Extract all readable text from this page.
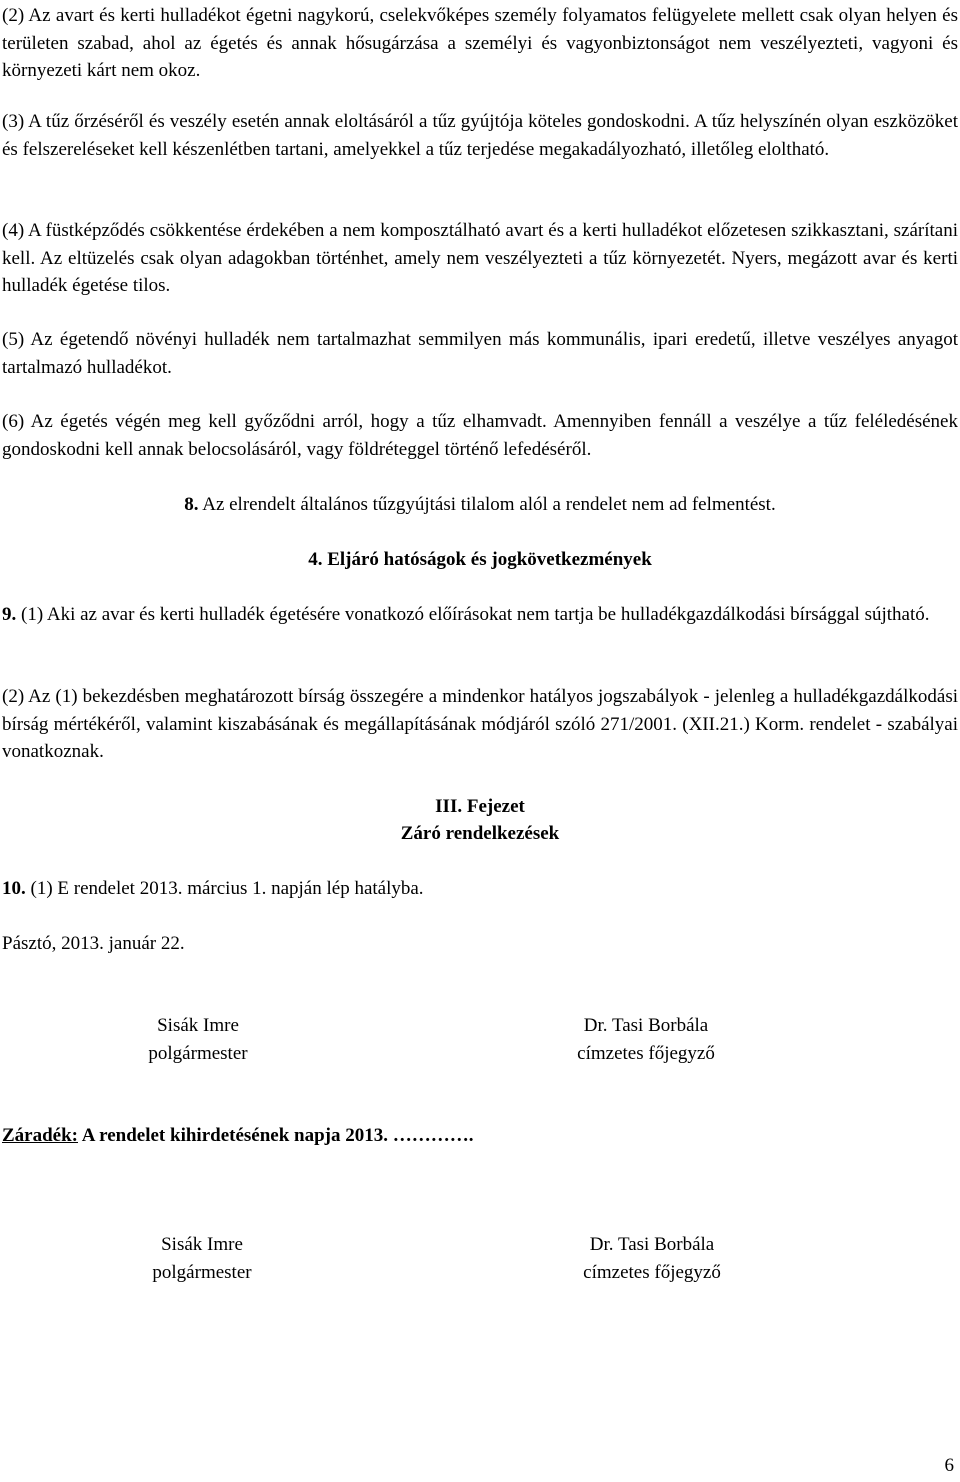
(2) Az avart és kerti hulladékot égetni nagykorú, cselekvőképes személy folyamatos felügyelete mellett csak olyan helyen és területen szabad, ahol az égetés és annak hősugárzása a személyi és vagyonbiztonságot nem veszélyezteti, vagyoni és környezeti kárt nem okoz.

(3) A tűz őrzéséről és veszély esetén annak eloltásáról a tűz gyújtója köteles gondoskodni. A tűz helyszínén olyan eszközöket és felszereléseket kell készenlétben tartani, amelyekkel a tűz terjedése megakadályozható, illetőleg eloltható.

(4) A füstképződés csökkentése érdekében a nem komposztálható avart és a kerti hulladékot előzetesen szikkasztani, szárítani kell. Az eltüzelés csak olyan adagokban történhet, amely nem veszélyezteti a tűz környezetét. Nyers, megázott avar és kerti hulladék égetése tilos.

(5) Az égetendő növényi hulladék nem tartalmazhat semmilyen más kommunális, ipari eredetű, illetve veszélyes anyagot tartalmazó hulladékot.

(6) Az égetés végén meg kell győződni arról, hogy a tűz elhamvadt. Amennyiben fennáll a veszélye a tűz feléledésének gondoskodni kell annak belocsolásáról, vagy földréteggel történő lefedéséről.

8. Az elrendelt általános tűzgyújtási tilalom alól a rendelet nem ad felmentést.

4. Eljáró hatóságok és jogkövetkezmények

9. (1) Aki az avar és kerti hulladék égetésére vonatkozó előírásokat nem tartja be hulladékgazdálkodási bírsággal sújtható.

(2) Az (1) bekezdésben meghatározott bírság összegére a mindenkor hatályos jogszabályok - jelenleg a hulladékgazdálkodási bírság mértékéről, valamint kiszabásának és megállapításának módjáról szóló 271/2001. (XII.21.) Korm. rendelet - szabályai vonatkoznak.

III. Fejezet

Záró rendelkezések

10. (1) E rendelet 2013. március 1. napján lép hatályba.

Pásztó, 2013. január 22.

Sisák Imre
polgármester
Dr. Tasi Borbála
címzetes főjegyző

Záradék: A rendelet kihirdetésének napja 2013. ………….

Sisák Imre
polgármester
Dr. Tasi Borbála
címzetes főjegyző
6
